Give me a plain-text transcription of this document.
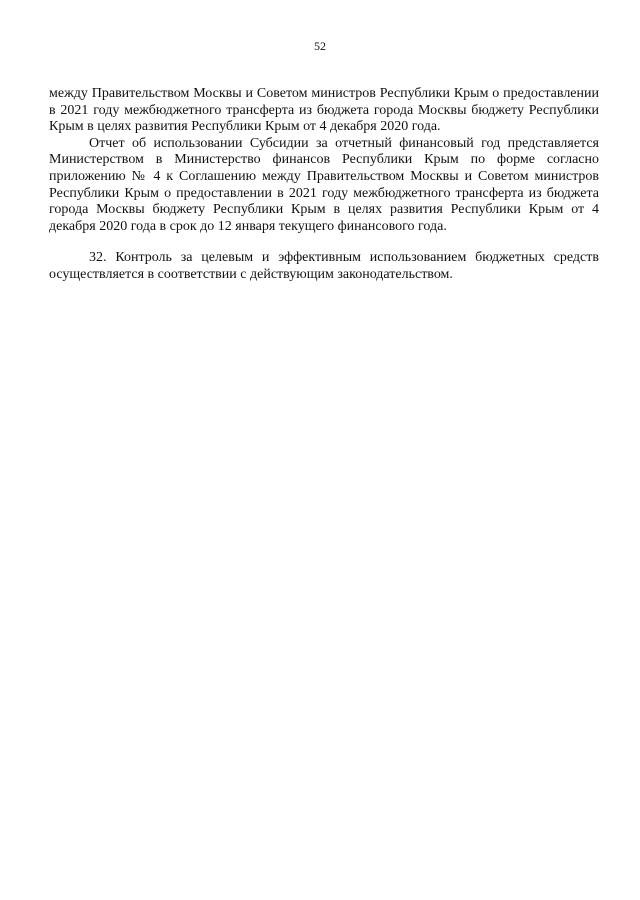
52

между Правительством Москвы и Советом министров Республики Крым о предоставлении в 2021 году межбюджетного трансферта из бюджета города Москвы бюджету Республики Крым в целях развития Республики Крым от 4 декабря 2020 года.

Отчет об использовании Субсидии за отчетный финансовый год представляется Министерством в Министерство финансов Республики Крым по форме согласно приложению № 4 к Соглашению между Правительством Москвы и Советом министров Республики Крым о предоставлении в 2021 году межбюджетного трансферта из бюджета города Москвы бюджету Республики Крым в целях развития Республики Крым от 4 декабря 2020 года в срок до 12 января текущего финансового года.

32. Контроль за целевым и эффективным использованием бюджетных средств осуществляется в соответствии с действующим законодательством.
